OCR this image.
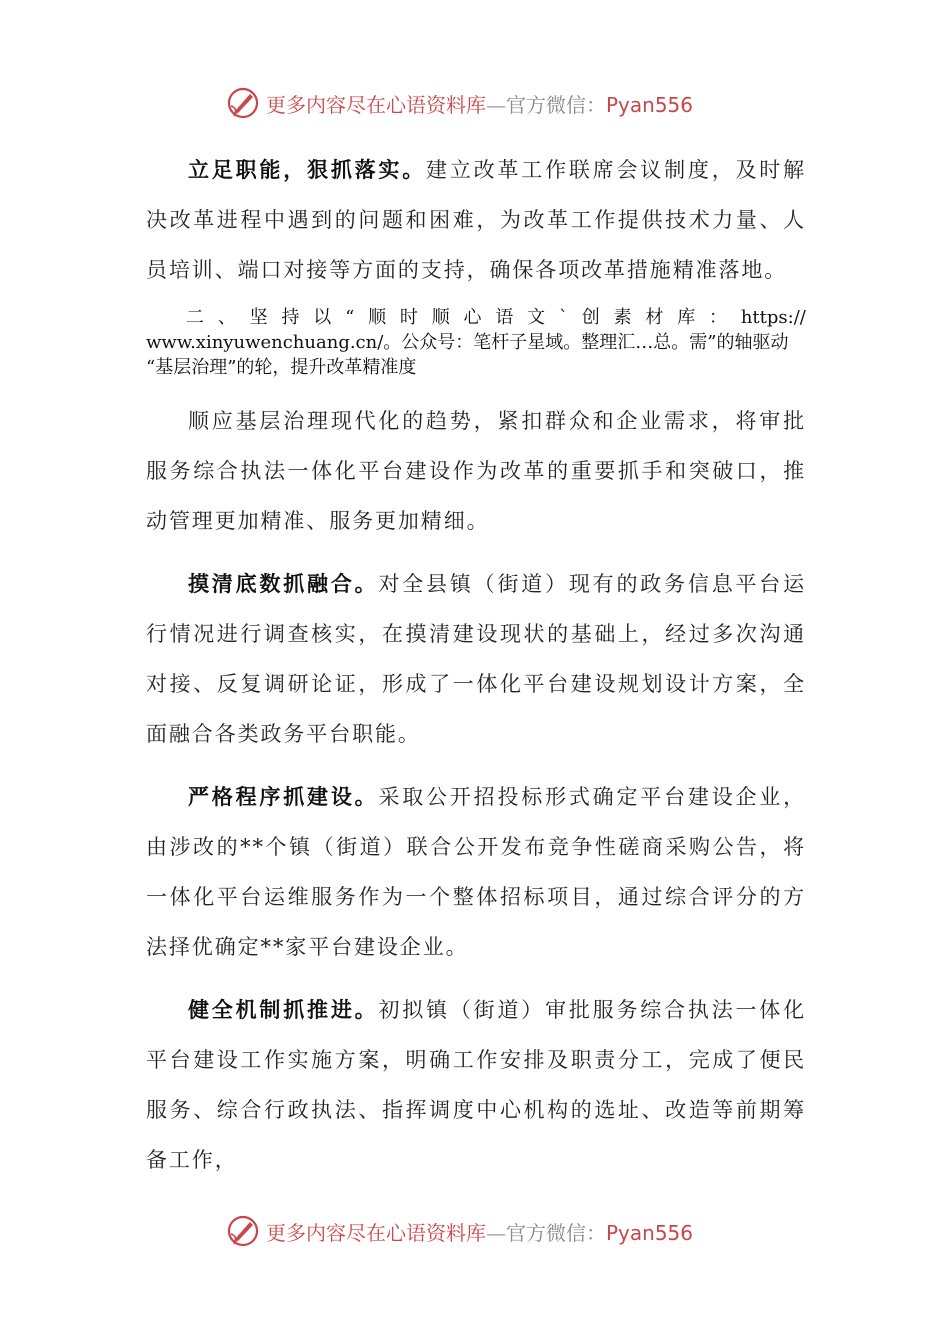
更多内容尽在心语资料库—官方微信：Pyan556

立足职能，狠抓落实。建立改革工作联席会议制度，及时解决改革进程中遇到的问题和困难，为改革工作提供技术力量、人员培训、端口对接等方面的支持，确保各项改革措施精准落地。

二 、 坚 持 以 “ 顺 时 顺 心 语 文 ` 创 素 材 库 ： https://
www.xinyuwenchuang.cn/。公众号：笔杆子星域。整理汇…总。需”的轴驱动
“基层治理”的轮，提升改革精准度

顺应基层治理现代化的趋势，紧扣群众和企业需求，将审批服务综合执法一体化平台建设作为改革的重要抓手和突破口，推动管理更加精准、服务更加精细。

摸清底数抓融合。对全县镇（街道）现有的政务信息平台运行情况进行调查核实，在摸清建设现状的基础上，经过多次沟通对接、反复调研论证，形成了一体化平台建设规划设计方案，全面融合各类政务平台职能。

严格程序抓建设。采取公开招投标形式确定平台建设企业，由涉改的**个镇（街道）联合公开发布竞争性磋商采购公告，将一体化平台运维服务作为一个整体招标项目，通过综合评分的方法择优确定**家平台建设企业。

健全机制抓推进。初拟镇（街道）审批服务综合执法一体化平台建设工作实施方案，明确工作安排及职责分工，完成了便民服务、综合行政执法、指挥调度中心机构的选址、改造等前期筹备工作，

更多内容尽在心语资料库—官方微信：Pyan556
